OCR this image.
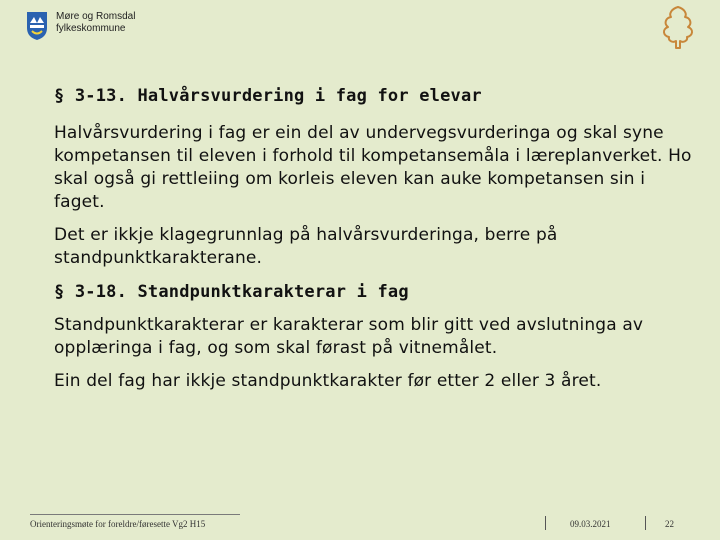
Møre og Romsdal
fylkeskommune
§ 3-13. Halvårsvurdering i fag for elevar

Halvårsvurdering i fag er ein del av undervegsvurderinga og skal syne kompetansen til eleven i forhold til kompetansemåla i læreplanverket. Ho skal også gi rettleiing om korleis eleven kan auke kompetansen sin i faget.

Det er ikkje klagegrunnlag på halvårsvurderinga, berre på standpunktkarakterane.

§ 3-18. Standpunktkarakterar i fag

Standpunktkarakterar er karakterar som blir gitt ved avslutninga av opplæringa i fag, og som skal førast på vitnemålet.

Ein del fag har ikkje standpunktkarakter før etter 2 eller 3 året.

Orienteringsmøte for foreldre/føresette Vg2 H15	09.03.2021	22
